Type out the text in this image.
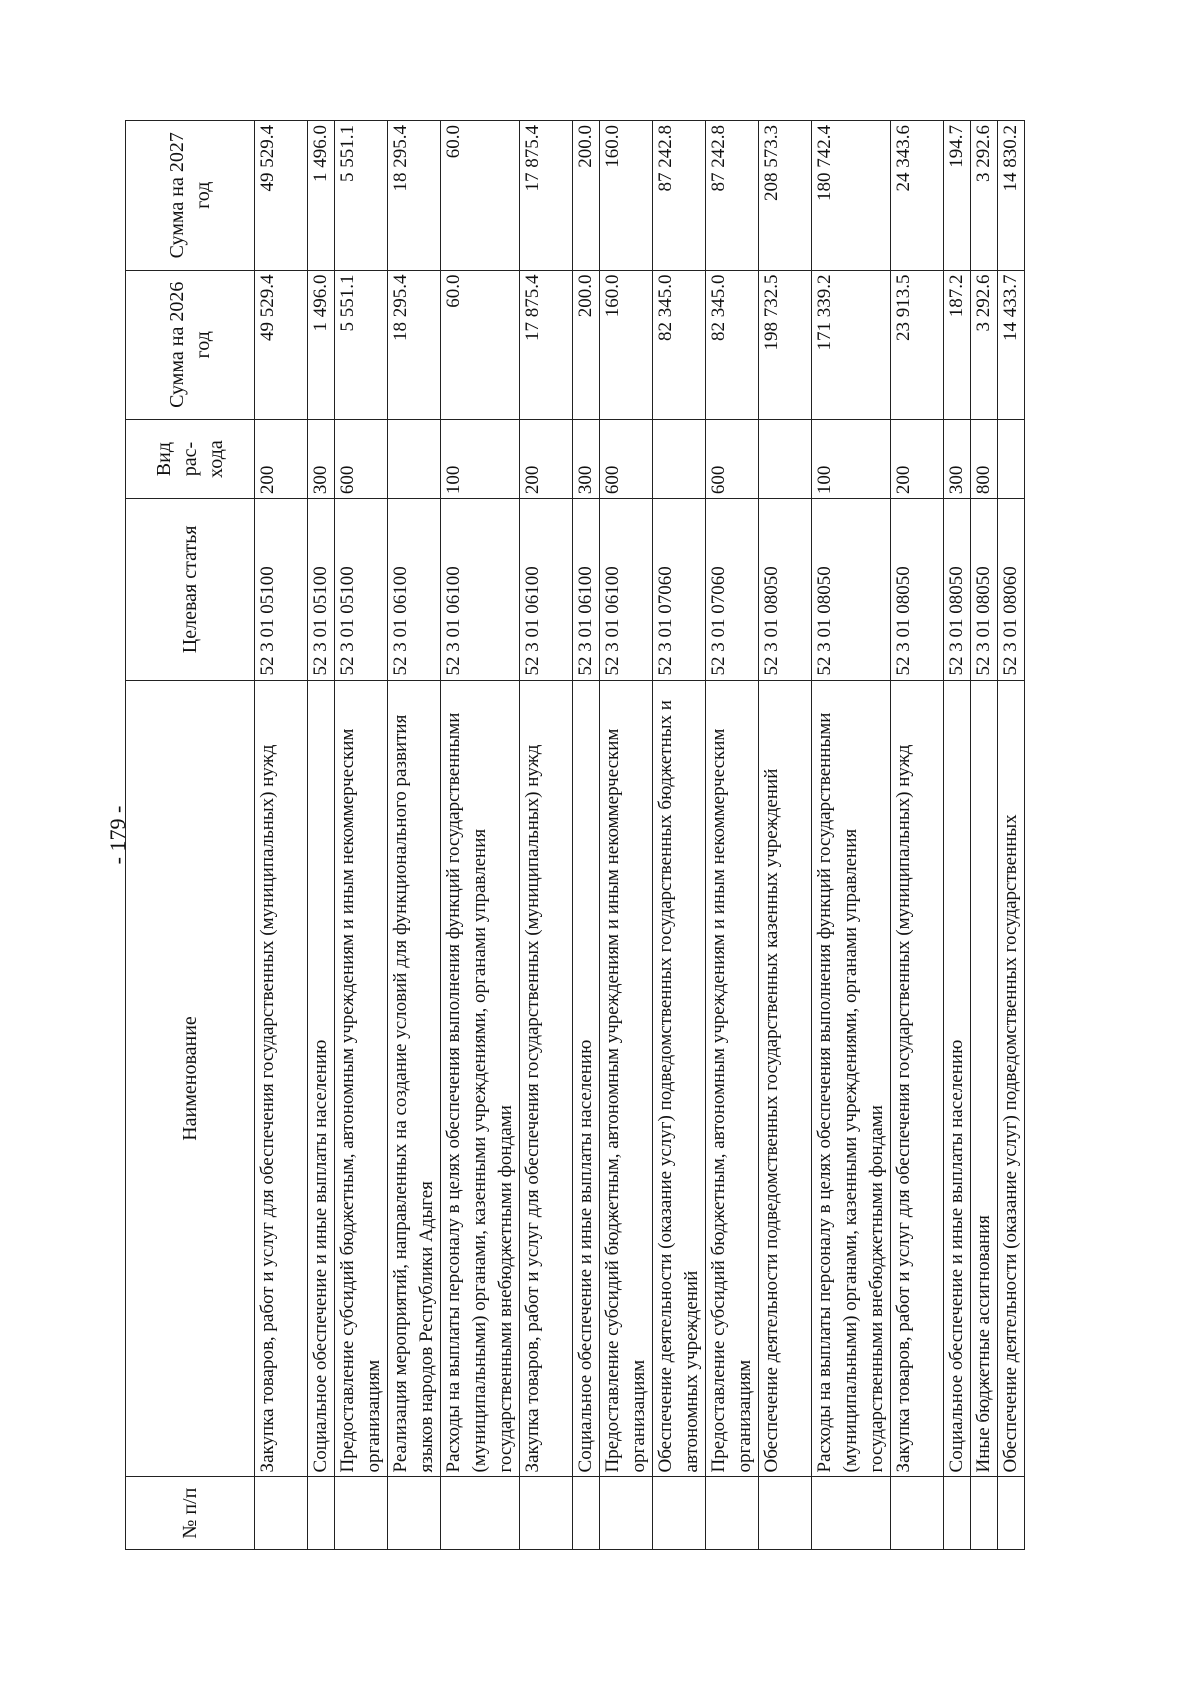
- 179 -
№ п/п	Наименование	Целевая статья	Вид рас-хода	Сумма на 2026 год	Сумма на 2027 год
	Закупка товаров, работ и услуг для обеспечения государственных (муниципальных) нужд	52 3 01 05100	200	49 529.4	49 529.4
	Социальное обеспечение и иные выплаты населению	52 3 01 05100	300	1 496.0	1 496.0
	Предоставление субсидий бюджетным, автономным учреждениям и иным некоммерческим организациям	52 3 01 05100	600	5 551.1	5 551.1
	Реализация мероприятий, направленных на создание условий для функционального развития языков народов Республики Адыгея	52 3 01 06100		18 295.4	18 295.4
	Расходы на выплаты персоналу в целях обеспечения выполнения функций государственными (муниципальными) органами, казенными учреждениями, органами управления государственными внебюджетными фондами	52 3 01 06100	100	60.0	60.0
	Закупка товаров, работ и услуг для обеспечения государственных (муниципальных) нужд	52 3 01 06100	200	17 875.4	17 875.4
	Социальное обеспечение и иные выплаты населению	52 3 01 06100	300	200.0	200.0
	Предоставление субсидий бюджетным, автономным учреждениям и иным некоммерческим организациям	52 3 01 06100	600	160.0	160.0
	Обеспечение деятельности (оказание услуг) подведомственных государственных бюджетных и автономных учреждений	52 3 01 07060		82 345.0	87 242.8
	Предоставление субсидий бюджетным, автономным учреждениям и иным некоммерческим организациям	52 3 01 07060	600	82 345.0	87 242.8
	Обеспечение деятельности подведомственных государственных казенных учреждений	52 3 01 08050		198 732.5	208 573.3
	Расходы на выплаты персоналу в целях обеспечения выполнения функций государственными (муниципальными) органами, казенными учреждениями, органами управления государственными внебюджетными фондами	52 3 01 08050	100	171 339.2	180 742.4
	Закупка товаров, работ и услуг для обеспечения государственных (муниципальных) нужд	52 3 01 08050	200	23 913.5	24 343.6
	Социальное обеспечение и иные выплаты населению	52 3 01 08050	300	187.2	194.7
	Иные бюджетные ассигнования	52 3 01 08050	800	3 292.6	3 292.6
	Обеспечение деятельности (оказание услуг) подведомственных государственных	52 3 01 08060		14 433.7	14 830.2
